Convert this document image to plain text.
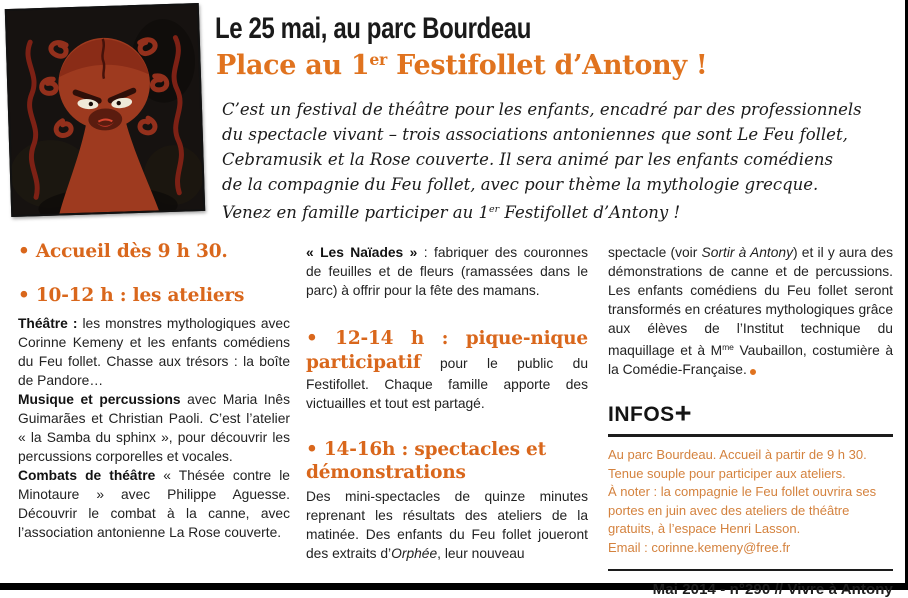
Le 25 mai, au parc Bourdeau
Place au 1er Festifollet d’Antony !
C’est un festival de théâtre pour les enfants, encadré par des professionnels
du spectacle vivant – trois associations antoniennes que sont Le Feu follet,
Cebramusik et la Rose couverte. Il sera animé par les enfants comédiens
de la compagnie du Feu follet, avec pour thème la mythologie grecque.
Venez en famille participer au 1er Festifollet d’Antony !
• Accueil dès 9 h 30.
• 10-12 h : les ateliers

Théâtre : les monstres mythologiques avec Corinne Kemeny et les enfants comédiens du Feu follet. Chasse aux trésors : la boîte de Pandore…

Musique et percussions avec Maria Inês Guimarães et Christian Paoli. C’est l’atelier « la Samba du sphinx », pour découvrir les percussions corporelles et vocales.

Combats de théâtre « Thésée contre le Minotaure » avec Philippe Aguesse. Découvrir le combat à la canne, avec l’association antonienne La Rose couverte.

« Les Naïades » : fabriquer des couronnes de feuilles et de fleurs (ramassées dans le parc) à offrir pour la fête des mamans.

• 12-14 h : pique-nique participatif pour le public du Festifollet. Chaque famille apporte des victuailles et tout est partagé.

• 14-16h : spectacles et démonstrations

Des mini-spectacles de quinze minutes reprenant les résultats des ateliers de la matinée. Des enfants du Feu follet joueront des extraits d’Orphée, leur nouveau

spectacle (voir Sortir à Antony) et il y aura des démonstrations de canne et de percussions. Les enfants comédiens du Feu follet seront transformés en créatures mythologiques grâce aux élèves de l’Institut technique du maquillage et à $M^{me}$ Vaubaillon, costumière à la Comédie-Française.

INFOS+
Au parc Bourdeau. Accueil à partir de 9 h 30.
Tenue souple pour participer aux ateliers.
À noter : la compagnie le Feu follet ouvrira ses portes en juin avec des ateliers de théâtre gratuits, à l’espace Henri Lasson.
Email : corinne.kemeny@free.fr
Mai 2014 - n°290 // Vivre à Antony
